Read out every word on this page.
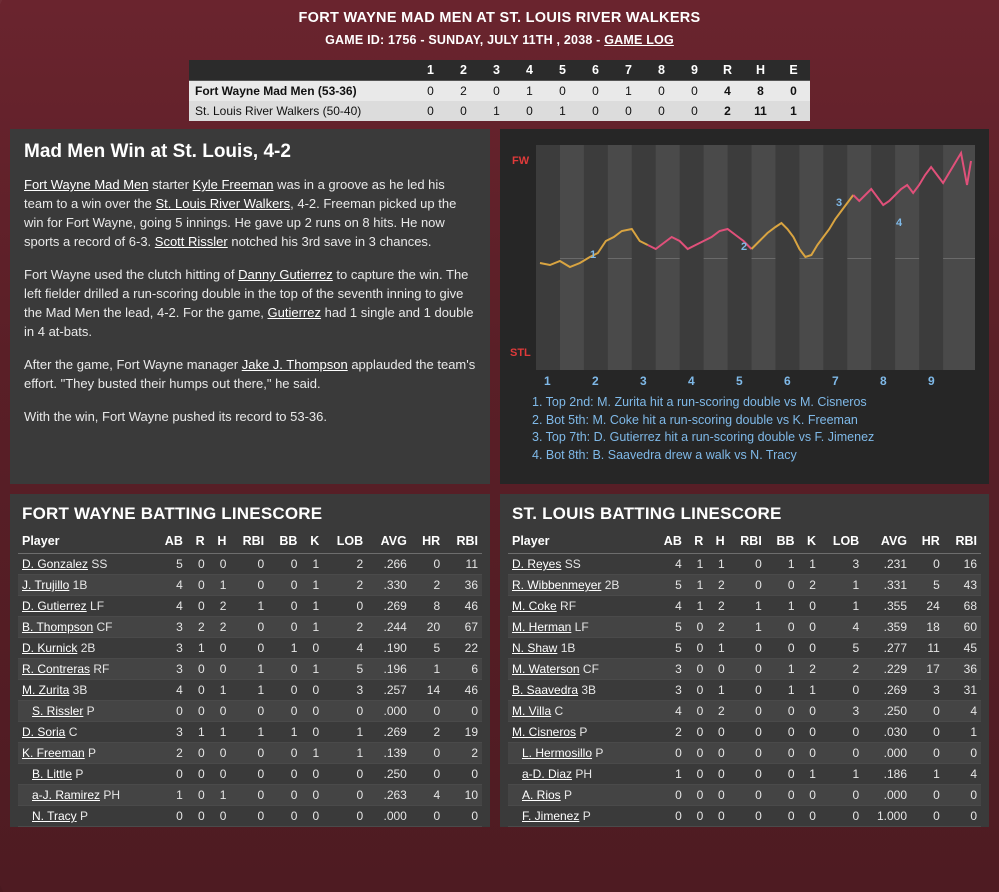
FORT WAYNE MAD MEN AT ST. LOUIS RIVER WALKERS
GAME ID: 1756 - SUNDAY, JULY 11TH , 2038 - GAME LOG
	1	2	3	4	5	6	7	8	9	R	H	E
Fort Wayne Mad Men (53-36)	0	2	0	1	0	0	1	0	0	4	8	0
St. Louis River Walkers (50-40)	0	0	1	0	1	0	0	0	0	2	11	1
Mad Men Win at St. Louis, 4-2

Fort Wayne Mad Men starter Kyle Freeman was in a groove as he led his team to a win over the St. Louis River Walkers, 4-2. Freeman picked up the win for Fort Wayne, going 5 innings. He gave up 2 runs on 8 hits. He now sports a record of 6-3. Scott Rissler notched his 3rd save in 3 chances.

Fort Wayne used the clutch hitting of Danny Gutierrez to capture the win. The left fielder drilled a run-scoring double in the top of the seventh inning to give the Mad Men the lead, 4-2. For the game, Gutierrez had 1 single and 1 double in 4 at-bats.

After the game, Fort Wayne manager Jake J. Thompson applauded the team's effort. "They busted their humps out there," he said.

With the win, Fort Wayne pushed its record to 53-36.

1
2
3
4
FW
STL
1	2	3	4	5	6	7	8	9
1. Top 2nd: M. Zurita hit a run-scoring double vs M. Cisneros
2. Bot 5th: M. Coke hit a run-scoring double vs K. Freeman
3. Top 7th: D. Gutierrez hit a run-scoring double vs F. Jimenez
4. Bot 8th: B. Saavedra drew a walk vs N. Tracy
FORT WAYNE BATTING LINESCORE
Player	AB	R	H	RBI	BB	K	LOB	AVG	HR	RBI
D. Gonzalez SS	5	0	0	0	0	1	2	.266	0	11
J. Trujillo 1B	4	0	1	0	0	1	2	.330	2	36
D. Gutierrez LF	4	0	2	1	0	1	0	.269	8	46
B. Thompson CF	3	2	2	0	0	1	2	.244	20	67
D. Kurnick 2B	3	1	0	0	1	0	4	.190	5	22
R. Contreras RF	3	0	0	1	0	1	5	.196	1	6
M. Zurita 3B	4	0	1	1	0	0	3	.257	14	46
S. Rissler P	0	0	0	0	0	0	0	.000	0	0
D. Soria C	3	1	1	1	1	0	1	.269	2	19
K. Freeman P	2	0	0	0	0	1	1	.139	0	2
B. Little P	0	0	0	0	0	0	0	.250	0	0
a-J. Ramirez PH	1	0	1	0	0	0	0	.263	4	10
N. Tracy P	0	0	0	0	0	0	0	.000	0	0
ST. LOUIS BATTING LINESCORE
Player	AB	R	H	RBI	BB	K	LOB	AVG	HR	RBI
D. Reyes SS	4	1	1	0	1	1	3	.231	0	16
R. Wibbenmeyer 2B	5	1	2	0	0	2	1	.331	5	43
M. Coke RF	4	1	2	1	1	0	1	.355	24	68
M. Herman LF	5	0	2	1	0	0	4	.359	18	60
N. Shaw 1B	5	0	1	0	0	0	5	.277	11	45
M. Waterson CF	3	0	0	0	1	2	2	.229	17	36
B. Saavedra 3B	3	0	1	0	1	1	0	.269	3	31
M. Villa C	4	0	2	0	0	0	3	.250	0	4
M. Cisneros P	2	0	0	0	0	0	0	.030	0	1
L. Hermosillo P	0	0	0	0	0	0	0	.000	0	0
a-D. Diaz PH	1	0	0	0	0	1	1	.186	1	4
A. Rios P	0	0	0	0	0	0	0	.000	0	0
F. Jimenez P	0	0	0	0	0	0	0	1.000	0	0
